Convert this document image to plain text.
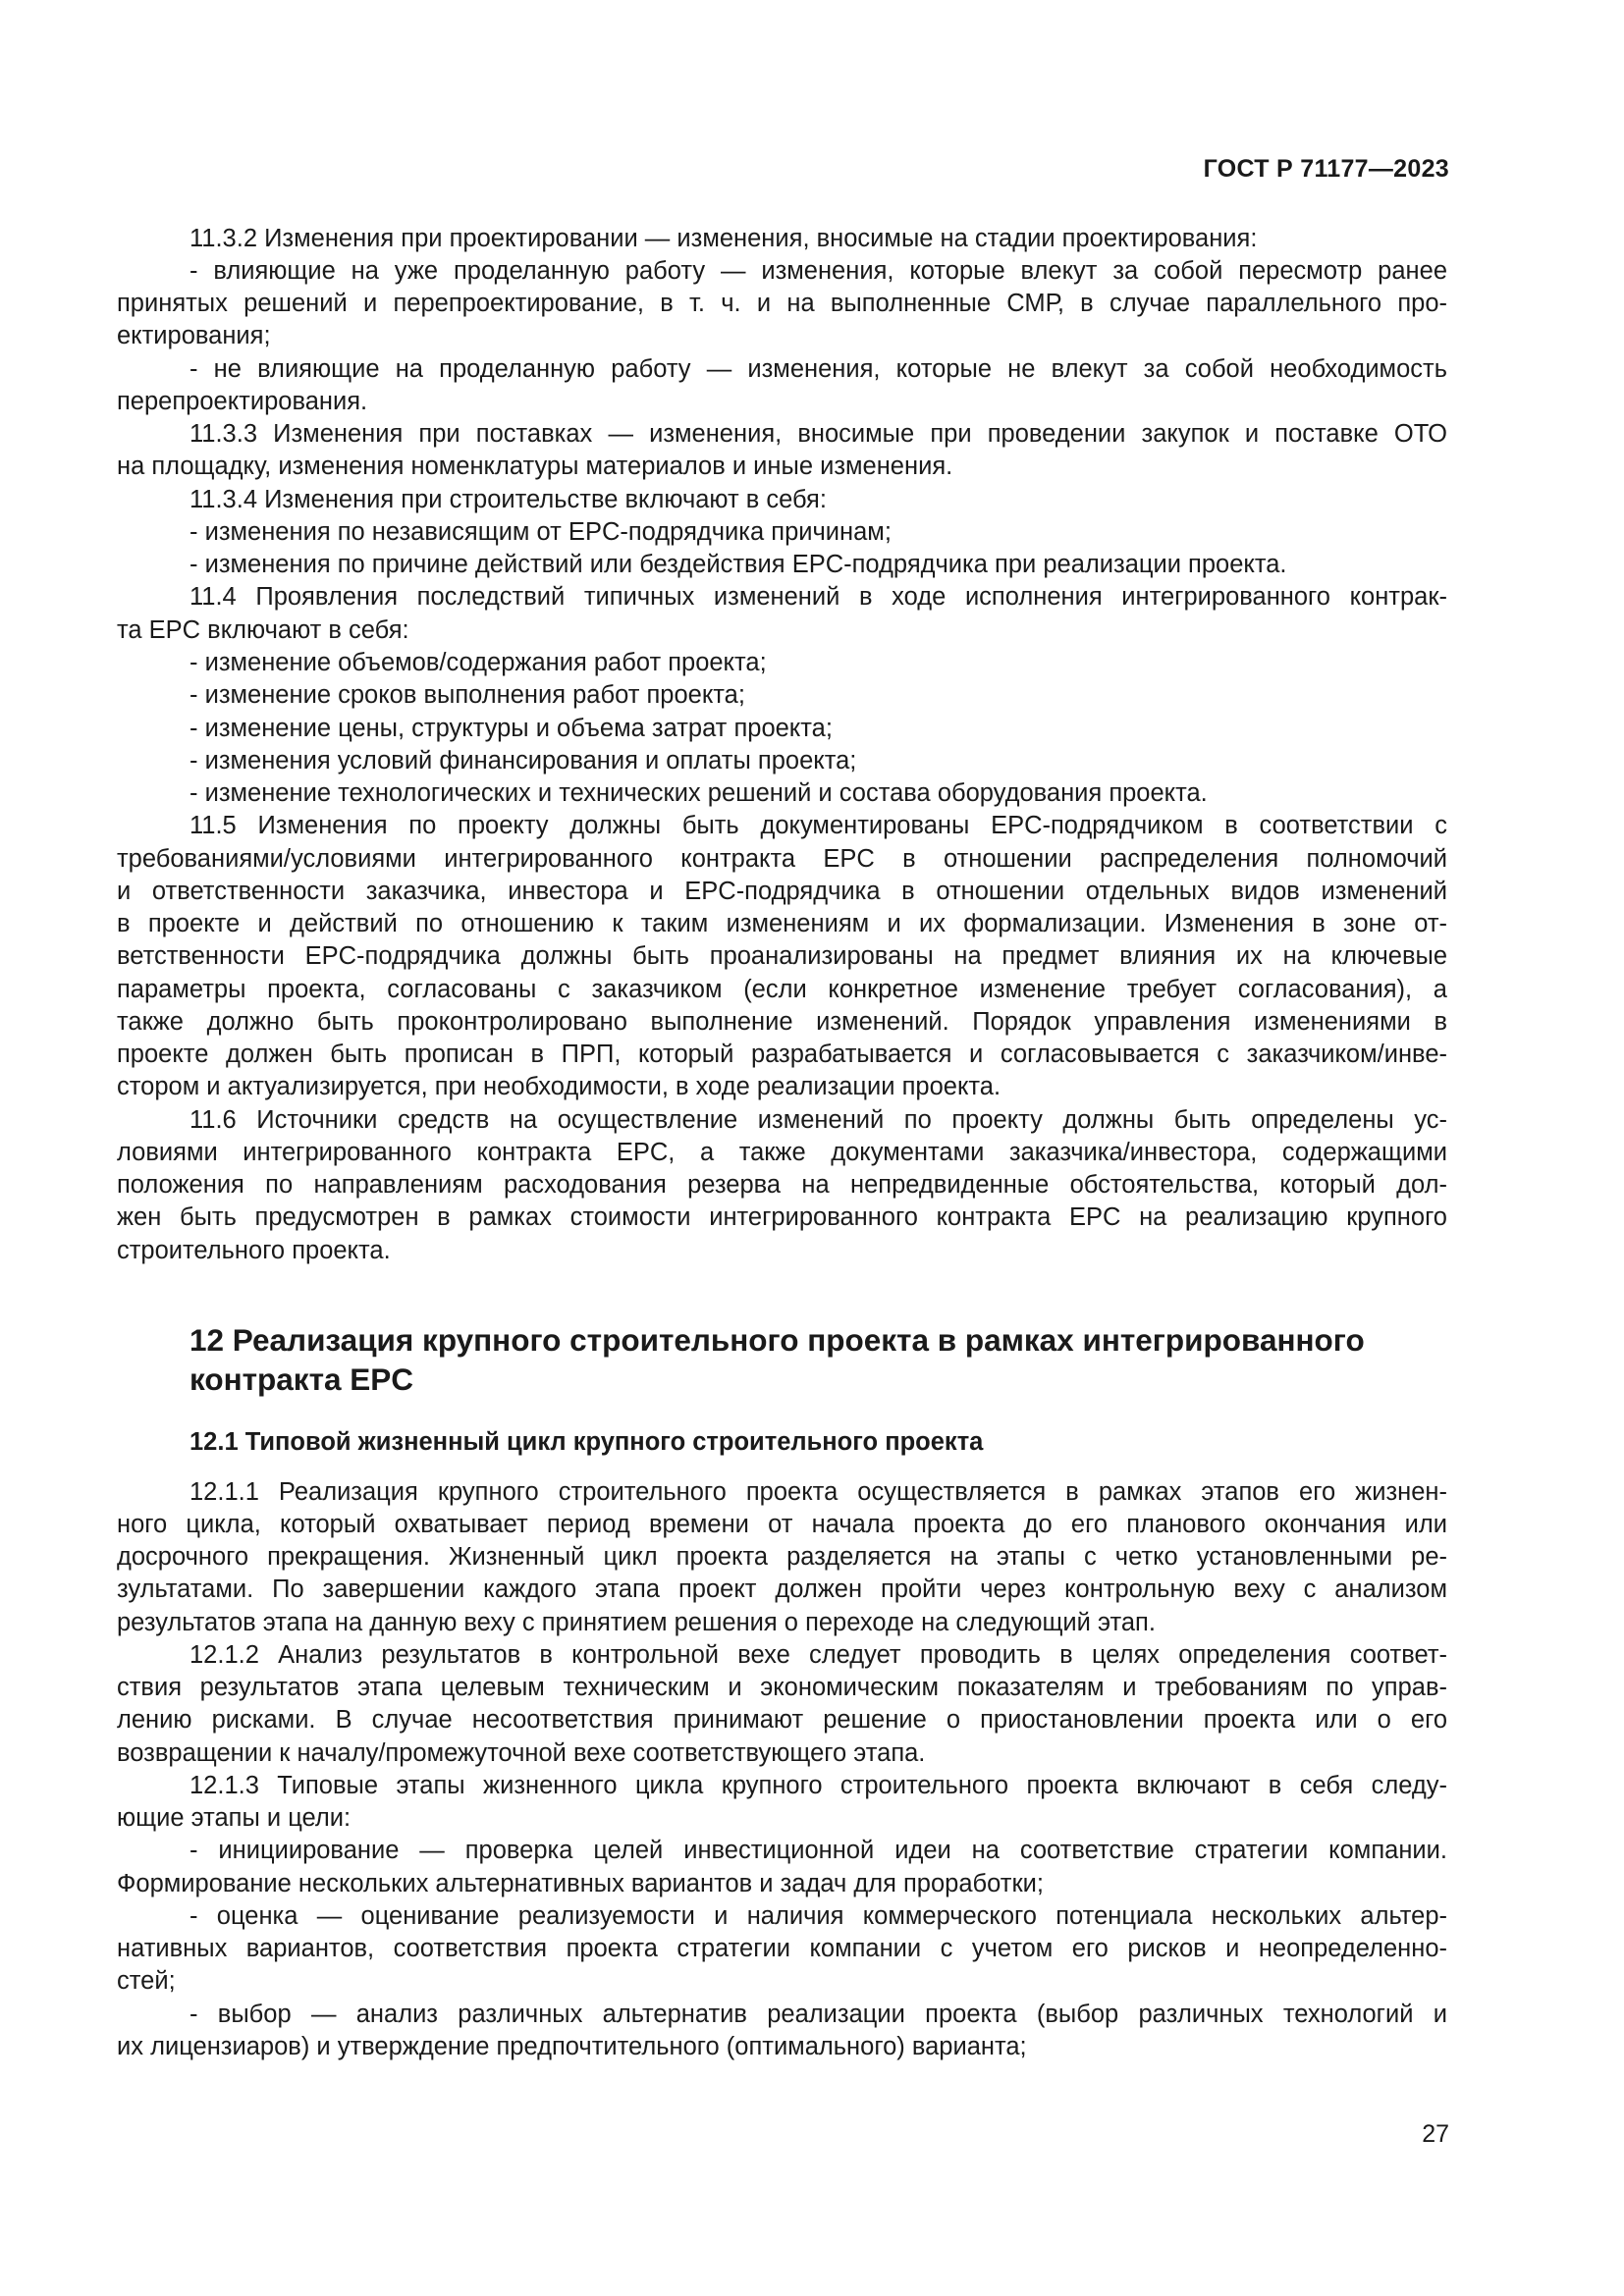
ГОСТ Р 71177—2023
11.3.2 Изменения при проектировании — изменения, вносимые на стадии проектирования:
- влияющие на уже проделанную работу — изменения, которые влекут за собой пересмотр ранее
принятых решений и перепроектирование, в т. ч. и на выполненные СМР, в случае параллельного про-
ектирования;
- не влияющие на проделанную работу — изменения, которые не влекут за собой необходимость
перепроектирования.
11.3.3 Изменения при поставках — изменения, вносимые при проведении закупок и поставке ОТО
на площадку, изменения номенклатуры материалов и иные изменения.
11.3.4 Изменения при строительстве включают в себя:
- изменения по независящим от EPC-подрядчика причинам;
- изменения по причине действий или бездействия EPC-подрядчика при реализации проекта.
11.4 Проявления последствий типичных изменений в ходе исполнения интегрированного контрак-
та EPC включают в себя:
- изменение объемов/содержания работ проекта;
- изменение сроков выполнения работ проекта;
- изменение цены, структуры и объема затрат проекта;
- изменения условий финансирования и оплаты проекта;
- изменение технологических и технических решений и состава оборудования проекта.
11.5 Изменения по проекту должны быть документированы EPC-подрядчиком в соответствии с
требованиями/условиями интегрированного контракта EPC в отношении распределения полномочий
и ответственности заказчика, инвестора и EPC-подрядчика в отношении отдельных видов изменений
в проекте и действий по отношению к таким изменениям и их формализации. Изменения в зоне от-
ветственности EPC-подрядчика должны быть проанализированы на предмет влияния их на ключевые
параметры проекта, согласованы с заказчиком (если конкретное изменение требует согласования), а
также должно быть проконтролировано выполнение изменений. Порядок управления изменениями в
проекте должен быть прописан в ПРП, который разрабатывается и согласовывается с заказчиком/инве-
стором и актуализируется, при необходимости, в ходе реализации проекта.
11.6 Источники средств на осуществление изменений по проекту должны быть определены ус-
ловиями интегрированного контракта EPC, а также документами заказчика/инвестора, содержащими
положения по направлениям расходования резерва на непредвиденные обстоятельства, который дол-
жен быть предусмотрен в рамках стоимости интегрированного контракта EPC на реализацию крупного
строительного проекта.
12 Реализация крупного строительного проекта в рамках интегрированного
контракта EPC
12.1 Типовой жизненный цикл крупного строительного проекта
12.1.1 Реализация крупного строительного проекта осуществляется в рамках этапов его жизнен-
ного цикла, который охватывает период времени от начала проекта до его планового окончания или
досрочного прекращения. Жизненный цикл проекта разделяется на этапы с четко установленными ре-
зультатами. По завершении каждого этапа проект должен пройти через контрольную веху с анализом
результатов этапа на данную веху с принятием решения о переходе на следующий этап.
12.1.2 Анализ результатов в контрольной вехе следует проводить в целях определения соответ-
ствия результатов этапа целевым техническим и экономическим показателям и требованиям по управ-
лению рисками. В случае несоответствия принимают решение о приостановлении проекта или о его
возвращении к началу/промежуточной вехе соответствующего этапа.
12.1.3 Типовые этапы жизненного цикла крупного строительного проекта включают в себя следу-
ющие этапы и цели:
- инициирование — проверка целей инвестиционной идеи на соответствие стратегии компании.
Формирование нескольких альтернативных вариантов и задач для проработки;
- оценка — оценивание реализуемости и наличия коммерческого потенциала нескольких альтер-
нативных вариантов, соответствия проекта стратегии компании с учетом его рисков и неопределенно-
стей;
- выбор — анализ различных альтернатив реализации проекта (выбор различных технологий и
их лицензиаров) и утверждение предпочтительного (оптимального) варианта;
27
